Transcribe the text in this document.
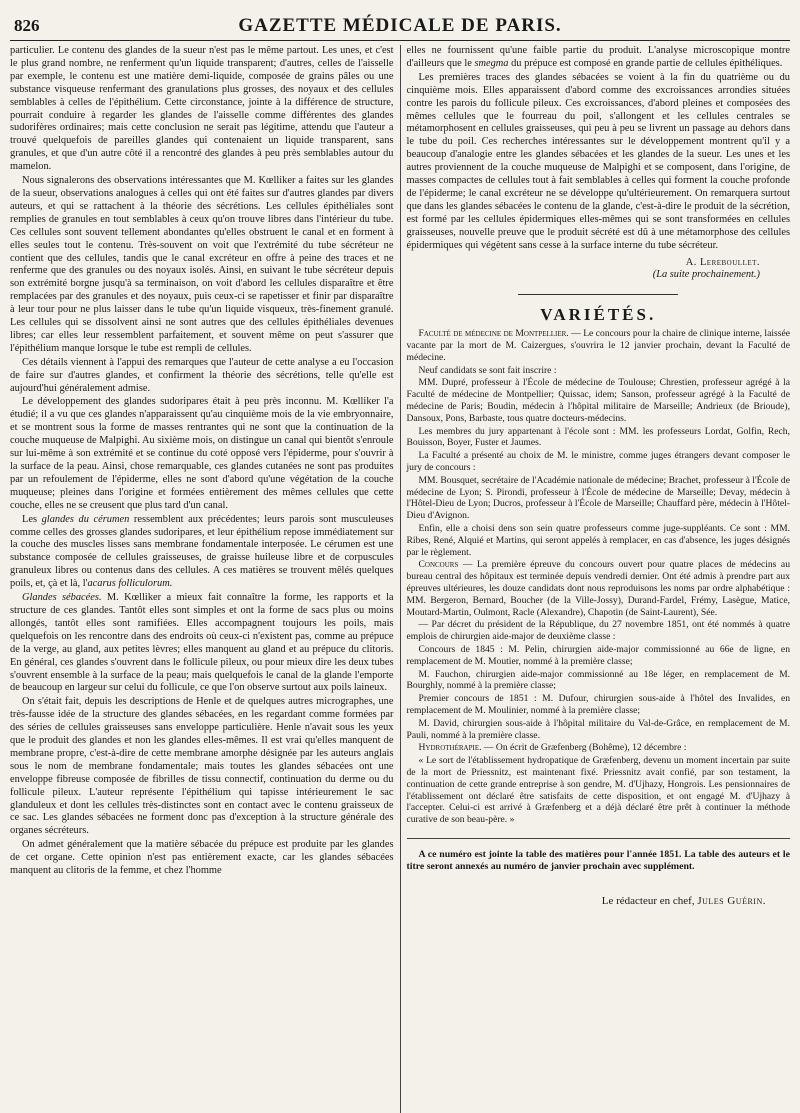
826	GAZETTE MÉDICALE DE PARIS.

particulier. Le contenu des glandes de la sueur n'est pas le même partout. Les unes, et c'est le plus grand nombre, ne renferment qu'un liquide transparent; d'autres, celles de l'aisselle par exemple, le contenu est une matière demi-liquide, composée de grains pâles ou une substance visqueuse renfermant des granulations plus grosses, des noyaux et des cellules semblables à celles de l'épithélium. Cette circonstance, jointe à la différence de structure, pourrait conduire à regarder les glandes de l'aisselle comme différentes des glandes sudorifères ordinaires; mais cette conclusion ne serait pas légitime, attendu que l'auteur a trouvé quelquefois de pareilles glandes qui contenaient un liquide transparent, sans granules, et que d'un autre côté il a rencontré des glandes à peu près semblables autour du mamelon.

Nous signalerons des observations intéressantes que M. Kœlliker a faites sur les glandes de la sueur, observations analogues à celles qui ont été faites sur d'autres glandes par divers auteurs, et qui se rattachent à la théorie des sécrétions. Les cellules épithéliales sont remplies de granules en tout semblables à ceux qu'on trouve libres dans l'intérieur du tube. Ces cellules sont souvent tellement abondantes qu'elles obstruent le canal et en forment à elles seules tout le contenu. Très-souvent on voit que l'extrémité du tube sécréteur ne contient que des cellules, tandis que le canal excréteur en offre à peine des traces et ne renferme que des granules ou des noyaux isolés. Ainsi, en suivant le tube sécréteur depuis son extrémité borgne jusqu'à sa terminaison, on voit d'abord les cellules disparaître et être remplacées par des granules et des noyaux, puis ceux-ci se rapetisser et finir par disparaître à leur tour pour ne plus laisser dans le tube qu'un liquide visqueux, très-finement granulé. Les cellules qui se dissolvent ainsi ne sont autres que des cellules épithéliales devenues libres; car elles leur ressemblent parfaitement, et souvent même on peut s'assurer que l'épithélium manque lorsque le tube est rempli de cellules.

Ces détails viennent à l'appui des remarques que l'auteur de cette analyse a eu l'occasion de faire sur d'autres glandes, et confirment la théorie des sécrétions, telle qu'elle est aujourd'hui généralement admise.

Le développement des glandes sudoripares était à peu près inconnu. M. Kœlliker l'a étudié; il a vu que ces glandes n'apparaissent qu'au cinquième mois de la vie embryonnaire, et se montrent sous la forme de masses rentrantes qui ne sont que la continuation de la couche muqueuse de Malpighi. Au sixième mois, on distingue un canal qui bientôt s'enroule sur lui-même à son extrémité et se continue du coté opposé vers l'épiderme, pour s'ouvrir à la surface de la peau. Ainsi, chose remarquable, ces glandes cutanées ne sont pas produites par un refoulement de l'épiderme, elles ne sont d'abord qu'une végétation de la couche muqueuse; pleines dans l'origine et formées entièrement des mêmes cellules que cette couche, elles ne se creusent que plus tard d'un canal.

Les glandes du cérumen ressemblent aux précédentes; leurs parois sont musculeuses comme celles des grosses glandes sudoripares, et leur épithélium repose immédiatement sur la couche des muscles lisses sans membrane fondamentale interposée. Le cérumen est une substance composée de cellules graisseuses, de graisse huileuse libre et de corpuscules granuleux libres ou contenus dans des cellules. A ces matières se trouvent mêlés quelques poils, et, çà et là, l'acarus folliculorum.

Glandes sébacées. M. Kœlliker a mieux fait connaître la forme, les rapports et la structure de ces glandes. Tantôt elles sont simples et ont la forme de sacs plus ou moins allongés, tantôt elles sont ramifiées. Elles accompagnent toujours les poils, mais quelquefois on les rencontre dans des endroits où ceux-ci n'existent pas, comme au prépuce de la verge, au gland, aux petites lèvres; elles manquent au gland et au prépuce du clitoris. En général, ces glandes s'ouvrent dans le follicule pileux, ou pour mieux dire les deux tubes s'ouvrent ensemble à la surface de la peau; mais quelquefois le canal de la glande l'emporte de beaucoup en largeur sur celui du follicule, ce que l'on observe surtout aux poils laineux.

On s'était fait, depuis les descriptions de Henle et de quelques autres micrographes, une très-fausse idée de la structure des glandes sébacées, en les regardant comme formées par des séries de cellules graisseuses sans enveloppe particulière. Henle n'avait sous les yeux que le produit des glandes et non les glandes elles-mêmes. Il est vrai qu'elles manquent de membrane propre, c'est-à-dire de cette membrane amorphe désignée par les auteurs anglais sous le nom de membrane fondamentale; mais toutes les glandes sébacées ont une enveloppe fibreuse composée de fibrilles de tissu connectif, continuation du derme ou du follicule pileux. L'auteur représente l'épithélium qui tapisse intérieurement le sac glanduleux et dont les cellules très-distinctes sont en contact avec le contenu graisseux de ce sac. Les glandes sébacées ne forment donc pas d'exception à la structure générale des organes sécréteurs.

On admet généralement que la matière sébacée du prépuce est produite par les glandes de cet organe. Cette opinion n'est pas entièrement exacte, car les glandes sébacées manquent au clitoris de la femme, et chez l'homme

elles ne fournissent qu'une faible partie du produit. L'analyse microscopique montre d'ailleurs que le smegma du prépuce est composé en grande partie de cellules épithéliques.

Les premières traces des glandes sébacées se voient à la fin du quatrième ou du cinquième mois. Elles apparaissent d'abord comme des excroissances arrondies situées contre les parois du follicule pileux. Ces excroissances, d'abord pleines et composées des mêmes cellules que le fourreau du poil, s'allongent et les cellules centrales se métamorphosent en cellules graisseuses, qui peu à peu se livrent un passage au dehors dans le tube du poil. Ces recherches intéressantes sur le développement montrent qu'il y a beaucoup d'analogie entre les glandes sébacées et les glandes de la sueur. Les unes et les autres proviennent de la couche muqueuse de Malpighi et se composent, dans l'origine, de masses compactes de cellules tout à fait semblables à celles qui forment la couche profonde de l'épiderme; le canal excréteur ne se développe qu'ultérieurement. On remarquera surtout que dans les glandes sébacées le contenu de la glande, c'est-à-dire le produit de la sécrétion, est formé par les cellules épidermiques elles-mêmes qui se sont transformées en cellules graisseuses, nouvelle preuve que le produit sécrété est dû à une métamorphose des cellules épidermiques qui végètent sans cesse à la surface interne du tube sécréteur.

A. Lereboullet.
(La suite prochainement.)
VARIÉTÉS.

Faculté de médecine de Montpellier. — Le concours pour la chaire de clinique interne, laissée vacante par la mort de M. Caizergues, s'ouvrira le 12 janvier prochain, devant la Faculté de médecine.

Neuf candidats se sont fait inscrire :

MM. Dupré, professeur à l'École de médecine de Toulouse; Chrestien, professeur agrégé à la Faculté de médecine de Montpellier; Quissac, idem; Sanson, professeur agrégé à la Faculté de médecine de Paris; Boudin, médecin à l'hôpital militaire de Marseille; Andrieux (de Brioude), Dansoux, Pons, Barbaste, tous quatre docteurs-médecins.

Les membres du jury appartenant à l'école sont : MM. les professeurs Lordat, Golfin, Rech, Bouisson, Boyer, Fuster et Jaumes.

La Faculté a présenté au choix de M. le ministre, comme juges étrangers devant composer le jury de concours :

MM. Bousquet, secrétaire de l'Académie nationale de médecine; Brachet, professeur à l'École de médecine de Lyon; S. Pirondi, professeur à l'École de médecine de Marseille; Devay, médecin à l'Hôtel-Dieu de Lyon; Ducros, professeur à l'École de Marseille; Chauffard père, médecin à l'Hôtel-Dieu d'Avignon.

Enfin, elle a choisi dens son sein quatre professeurs comme juge-suppléants. Ce sont : MM. Ribes, René, Alquié et Martins, qui seront appelés à remplacer, en cas d'absence, les juges désignés par le règlement.

Concours — La première épreuve du concours ouvert pour quatre places de médecins au bureau central des hôpitaux est terminée depuis vendredi dernier. Ont été admis à prendre part aux épreuves ultérieures, les douze candidats dont nous reproduisons les noms par ordre alphabétique : MM. Bergeron, Bernard, Boucher (de la Ville-Jossy), Durand-Fardel, Frémy, Lasègue, Matice, Moutard-Martin, Oulmont, Racle (Alexandre), Chapotin (de Saint-Laurent), Sée.

— Par décret du président de la République, du 27 novembre 1851, ont été nommés à quatre emplois de chirurgien aide-major de deuxième classe :

Concours de 1845 : M. Pelin, chirurgien aide-major commissionné au 66e de ligne, en remplacement de M. Moutier, nommé à la première classe;

M. Fauchon, chirurgien aide-major commissionné au 18e léger, en remplacement de M. Bourghly, nommé à la première classe;

Premier concours de 1851 : M. Dufour, chirurgien sous-aide à l'hôtel des Invalides, en remplacement de M. Moulinier, nommé à la première classe;

M. David, chirurgien sous-aide à l'hôpital militaire du Val-de-Grâce, en remplacement de M. Pauli, nommé à la première classe.

Hydrothérapie. — On écrit de Græfenberg (Bohême), 12 décembre :

« Le sort de l'établissement hydropatique de Græfenberg, devenu un moment incertain par suite de la mort de Priessnitz, est maintenant fixé. Priessnitz avait confié, par son testament, la continuation de cette grande entreprise à son gendre, M. d'Ujhazy, Hongrois. Les pensionnaires de l'établissement ont déclaré être satisfaits de cette disposition, et ont engagé M. d'Ujhazy à l'accepter. Celui-ci est arrivé à Græfenberg et a déjà déclaré être prêt à continuer la méthode curative de son beau-père. »

A ce numéro est jointe la table des matières pour l'année 1851. La table des auteurs et le titre seront annexés au numéro de janvier prochain avec supplément.
Le rédacteur en chef, Jules Guérin.
